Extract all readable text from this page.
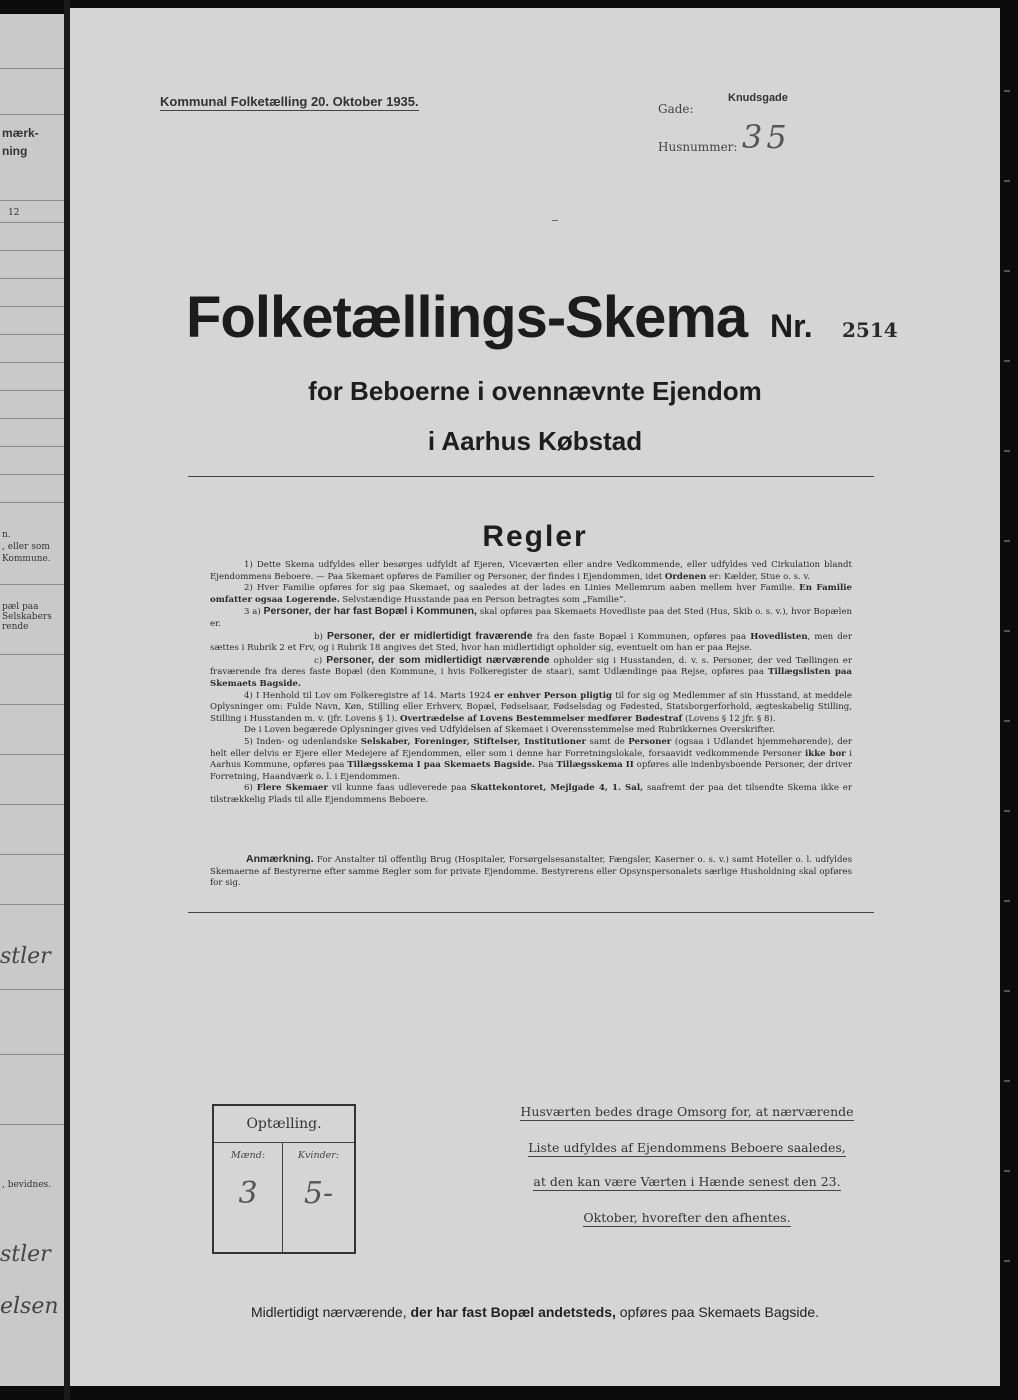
mærk-
ning
12
n.
, eller som
Kommune.
pæl paa
Selskabers
rende
stler
, bevidnes.
stler
elsen
Kommunal Folketælling 20. Oktober 1935.	Gade:
Knudsgade
Husnummer: 35
Folketællings-Skema Nr. 2514
for Beboerne i ovennævnte Ejendom
i Aarhus Købstad
Regler

1) Dette Skema udfyldes eller besørges udfyldt af Ejeren, Viceværten eller andre Vedkommende, eller udfyldes ved Cirkulation blandt Ejendommens Beboere. — Paa Skemaet opføres de Familier og Personer, der findes i Ejendommen, idet Ordenen er: Kælder, Stue o. s. v.

2) Hver Familie opføres for sig paa Skemaet, og saaledes at der lades en Linies Mellemrum aaben mellem hver Familie. En Familie omfatter ogsaa Logerende. Selvstændige Husstande paa en Person betragtes som „Familie“.

3 a) Personer, der har fast Bopæl i Kommunen, skal opføres paa Skemaets Hovedliste paa det Sted (Hus, Skib o. s. v.), hvor Bopælen er.

b) Personer, der er midlertidigt fraværende fra den faste Bopæl i Kommunen, opføres paa Hovedlisten, men der sættes i Rubrik 2 et Frv, og i Rubrik 18 angives det Sted, hvor han midlertidigt opholder sig, eventuelt om han er paa Rejse.

c) Personer, der som midlertidigt nærværende opholder sig i Husstanden, d. v. s. Personer, der ved Tællingen er fraværende fra deres faste Bopæl (den Kommune, i hvis Folkeregister de staar), samt Udlændinge paa Rejse, opføres paa Tillægslisten paa Skemaets Bagside.

4) I Henhold til Lov om Folkeregistre af 14. Marts 1924 er enhver Person pligtig til for sig og Medlemmer af sin Husstand, at meddele Oplysninger om: Fulde Navn, Køn, Stilling eller Erhverv, Bopæl, Fødselsaar, Fødselsdag og Fødested, Statsborgerforhold, ægteskabelig Stilling, Stilling i Husstanden m. v. (jfr. Lovens § 1). Overtrædelse af Lovens Bestemmelser medfører Bødestraf (Lovens § 12 jfr. § 8).

De i Loven begærede Oplysninger gives ved Udfyldelsen af Skemaet i Overensstemmelse med Rubrikkernes Overskrifter.

5) Inden- og udenlandske Selskaber, Foreninger, Stiftelser, Institutioner samt de Personer (ogsaa i Udlandet hjemmehørende), der helt eller delvis er Ejere eller Medejere af Ejendommen, eller som i denne har Forretningslokale, forsaavidt vedkommende Personer ikke bor i Aarhus Kommune, opføres paa Tillægsskema I paa Skemaets Bagside. Paa Tillægsskema II opføres alle indenbysboende Personer, der driver Forretning, Haandværk o. l. i Ejendommen.

6) Flere Skemaer vil kunne faas udleverede paa Skattekontoret, Mejlgade 4, 1. Sal, saafremt der paa det tilsendte Skema ikke er tilstrækkelig Plads til alle Ejendommens Beboere.

Anmærkning. For Anstalter til offentlig Brug (Hospitaler, Forsørgelsesanstalter, Fængsler, Kaserner o. s. v.) samt Hoteller o. l. udfyldes Skemaerne af Bestyrerne efter samme Regler som for private Ejendomme. Bestyrerens eller Opsynspersonalets særlige Husholdning skal opføres for sig.
Optælling.
Mænd:	Kvinder:
3	5-
Husværten bedes drage Omsorg for, at nærværende
Liste udfyldes af Ejendommens Beboere saaledes,
at den kan være Værten i Hænde senest den 23.
Oktober, hvorefter den afhentes.
Midlertidigt nærværende, der har fast Bopæl andetsteds, opføres paa Skemaets Bagside.
